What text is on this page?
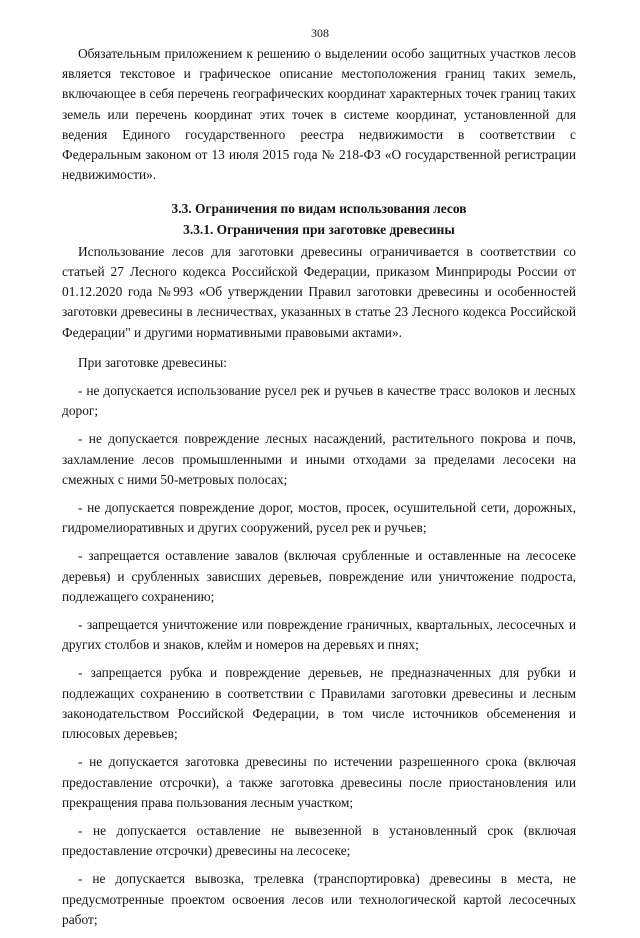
308

Обязательным приложением к решению о выделении особо защитных участков лесов является текстовое и графическое описание местоположения границ таких земель, включающее в себя перечень географических координат характерных точек границ таких земель или перечень координат этих точек в системе координат, установленной для ведения Единого государственного реестра недвижимости в соответствии с Федеральным законом от 13 июля 2015 года № 218-ФЗ «О государственной регистрации недвижимости».

3.3. Ограничения по видам использования лесов

3.3.1. Ограничения при заготовке древесины

Использование лесов для заготовки древесины ограничивается в соответствии со статьей 27 Лесного кодекса Российской Федерации, приказом Минприроды России от 01.12.2020 года №993 «Об утверждении Правил заготовки древесины и особенностей заготовки древесины в лесничествах, указанных в статье 23 Лесного кодекса Российской Федерации" и другими нормативными правовыми актами».

При заготовке древесины:

- не допускается использование русел рек и ручьев в качестве трасс волоков и лесных дорог;
- не допускается повреждение лесных насаждений, растительного покрова и почв, захламление лесов промышленными и иными отходами за пределами лесосеки на смежных с ними 50-метровых полосах;
- не допускается повреждение дорог, мостов, просек, осушительной сети, дорожных, гидромелиоративных и других сооружений, русел рек и ручьев;
- запрещается оставление завалов (включая срубленные и оставленные на лесосеке деревья) и срубленных зависших деревьев, повреждение или уничтожение подроста, подлежащего сохранению;
- запрещается уничтожение или повреждение граничных, квартальных, лесосечных и других столбов и знаков, клейм и номеров на деревьях и пнях;
- запрещается рубка и повреждение деревьев, не предназначенных для рубки и подлежащих сохранению в соответствии с Правилами заготовки древесины и лесным законодательством Российской Федерации, в том числе источников обсеменения и плюсовых деревьев;
- не допускается заготовка древесины по истечении разрешенного срока (включая предоставление отсрочки), а также заготовка древесины после приостановления или прекращения права пользования лесным участком;
- не допускается оставление не вывезенной в установленный срок (включая предоставление отсрочки) древесины на лесосеке;
- не допускается вывозка, трелевка (транспортировка) древесины в места, не предусмотренные проектом освоения лесов или технологической картой лесосечных работ;
